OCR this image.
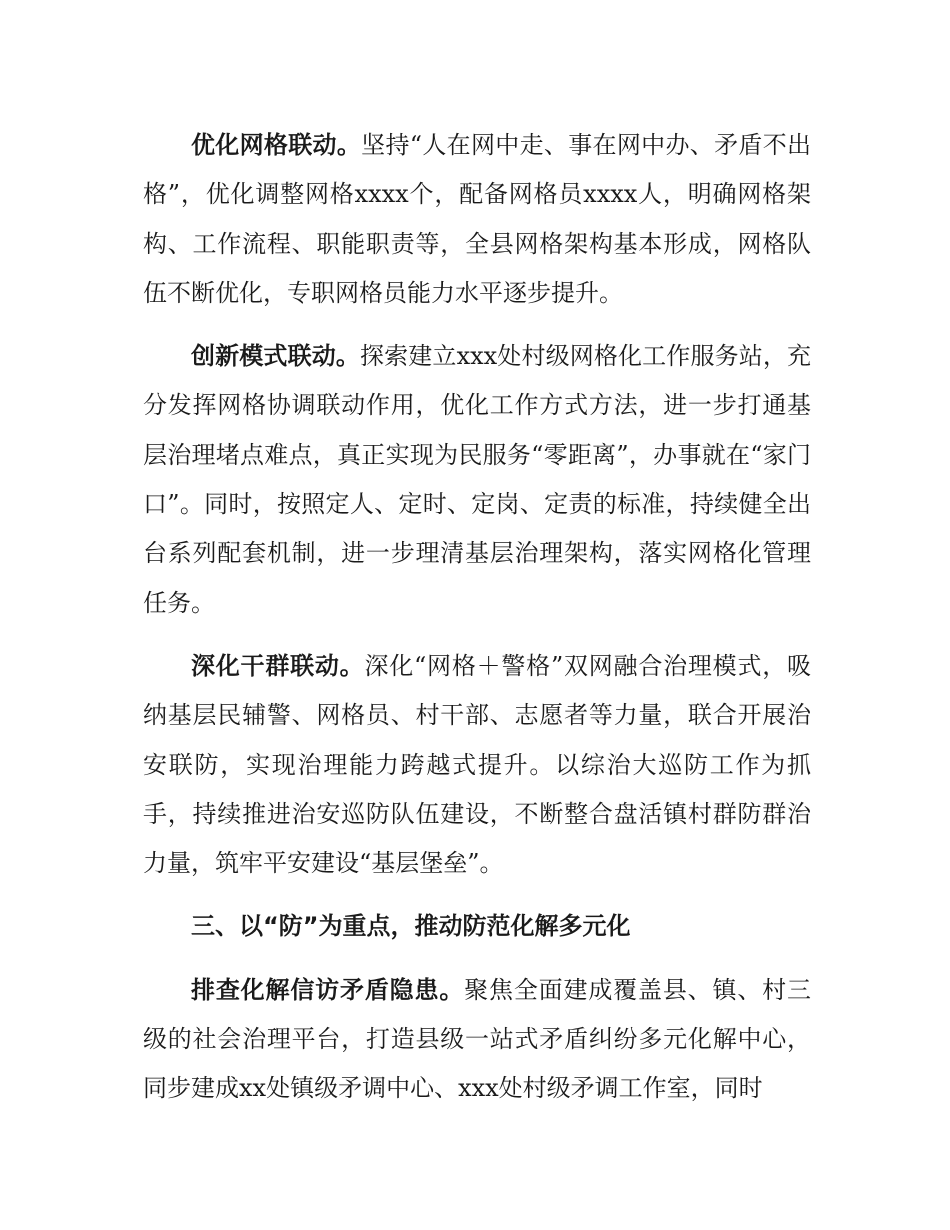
优化网格联动。坚持“人在网中走、事在网中办、矛盾不出格”，优化调整网格xxxx个，配备网格员xxxx人，明确网格架构、工作流程、职能职责等，全县网格架构基本形成，网格队伍不断优化，专职网格员能力水平逐步提升。

创新模式联动。探索建立xxx处村级网格化工作服务站，充分发挥网格协调联动作用，优化工作方式方法，进一步打通基层治理堵点难点，真正实现为民服务“零距离”，办事就在“家门口”。同时，按照定人、定时、定岗、定责的标准，持续健全出台系列配套机制，进一步理清基层治理架构，落实网格化管理任务。

深化干群联动。深化“网格＋警格”双网融合治理模式，吸纳基层民辅警、网格员、村干部、志愿者等力量，联合开展治安联防，实现治理能力跨越式提升。以综治大巡防工作为抓手，持续推进治安巡防队伍建设，不断整合盘活镇村群防群治力量，筑牢平安建设“基层堡垒”。

三、以“防”为重点，推动防范化解多元化

排查化解信访矛盾隐患。聚焦全面建成覆盖县、镇、村三级的社会治理平台，打造县级一站式矛盾纠纷多元化解中心，同步建成xx处镇级矛调中心、xxx处村级矛调工作室，同时
